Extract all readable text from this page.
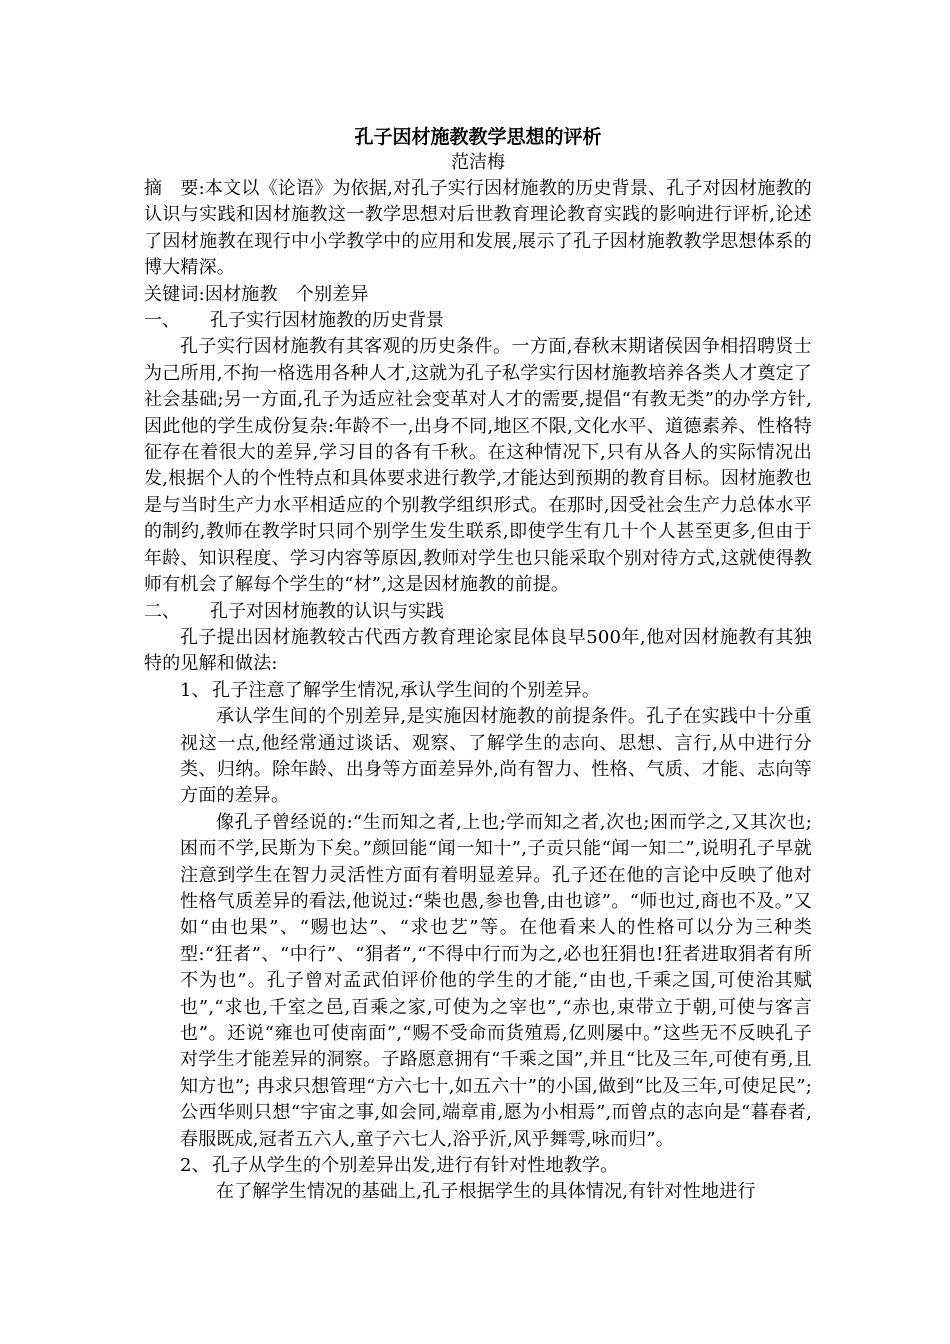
孔子因材施教教学思想的评析

范洁梅

摘　要:本文以《论语》为依据,对孔子实行因材施教的历史背景、孔子对因材施教的认识与实践和因材施教这一教学思想对后世教育理论教育实践的影响进行评析,论述了因材施教在现行中小学教学中的应用和发展,展示了孔子因材施教教学思想体系的博大精深。

关键词:因材施教　个别差异

一、 孔子实行因材施教的历史背景

孔子实行因材施教有其客观的历史条件。一方面,春秋末期诸侯因争相招聘贤士为己所用,不拘一格选用各种人才,这就为孔子私学实行因材施教培养各类人才奠定了社会基础;另一方面,孔子为适应社会变革对人才的需要,提倡“有教无类”的办学方针,因此他的学生成份复杂:年龄不一,出身不同,地区不限,文化水平、道德素养、性格特征存在着很大的差异,学习目的各有千秋。在这种情况下,只有从各人的实际情况出发,根据个人的个性特点和具体要求进行教学,才能达到预期的教育目标。因材施教也是与当时生产力水平相适应的个别教学组织形式。在那时,因受社会生产力总体水平的制约,教师在教学时只同个别学生发生联系,即使学生有几十个人甚至更多,但由于年龄、知识程度、学习内容等原因,教师对学生也只能采取个别对待方式,这就使得教师有机会了解每个学生的“材”,这是因材施教的前提。

二、 孔子对因材施教的认识与实践

孔子提出因材施教较古代西方教育理论家昆体良早500年,他对因材施教有其独特的见解和做法:

1、 孔子注意了解学生情况,承认学生间的个别差异。

承认学生间的个别差异,是实施因材施教的前提条件。孔子在实践中十分重视这一点,他经常通过谈话、观察、了解学生的志向、思想、言行,从中进行分类、归纳。除年龄、出身等方面差异外,尚有智力、性格、气质、才能、志向等方面的差异。

像孔子曾经说的:“生而知之者,上也;学而知之者,次也;困而学之,又其次也;困而不学,民斯为下矣。”颜回能“闻一知十”,子贡只能“闻一知二”,说明孔子早就注意到学生在智力灵活性方面有着明显差异。孔子还在他的言论中反映了他对性格气质差异的看法,他说过:“柴也愚,参也鲁,由也谚”。“师也过,商也不及。”又如“由也果”、“赐也达”、“求也艺”等。在他看来人的性格可以分为三种类型:“狂者”、“中行”、“狷者”,“不得中行而为之,必也狂狷也!狂者进取狷者有所不为也”。孔子曾对孟武伯评价他的学生的才能,“由也,千乘之国,可使治其赋也”,“求也,千室之邑,百乘之家,可使为之宰也”,“赤也,束带立于朝,可使与客言也”。还说“雍也可使南面”,“赐不受命而货殖焉,亿则屡中。”这些无不反映孔子对学生才能差异的洞察。子路愿意拥有“千乘之国”,并且“比及三年,可使有勇,且知方也”; 冉求只想管理“方六七十,如五六十”的小国,做到“比及三年,可使足民”;公西华则只想“宇宙之事,如会同,端章甫,愿为小相焉”,而曾点的志向是“暮春者,春服既成,冠者五六人,童子六七人,浴乎沂,风乎舞雩,咏而归”。

2、 孔子从学生的个别差异出发,进行有针对性地教学。

在了解学生情况的基础上,孔子根据学生的具体情况,有针对性地进行
